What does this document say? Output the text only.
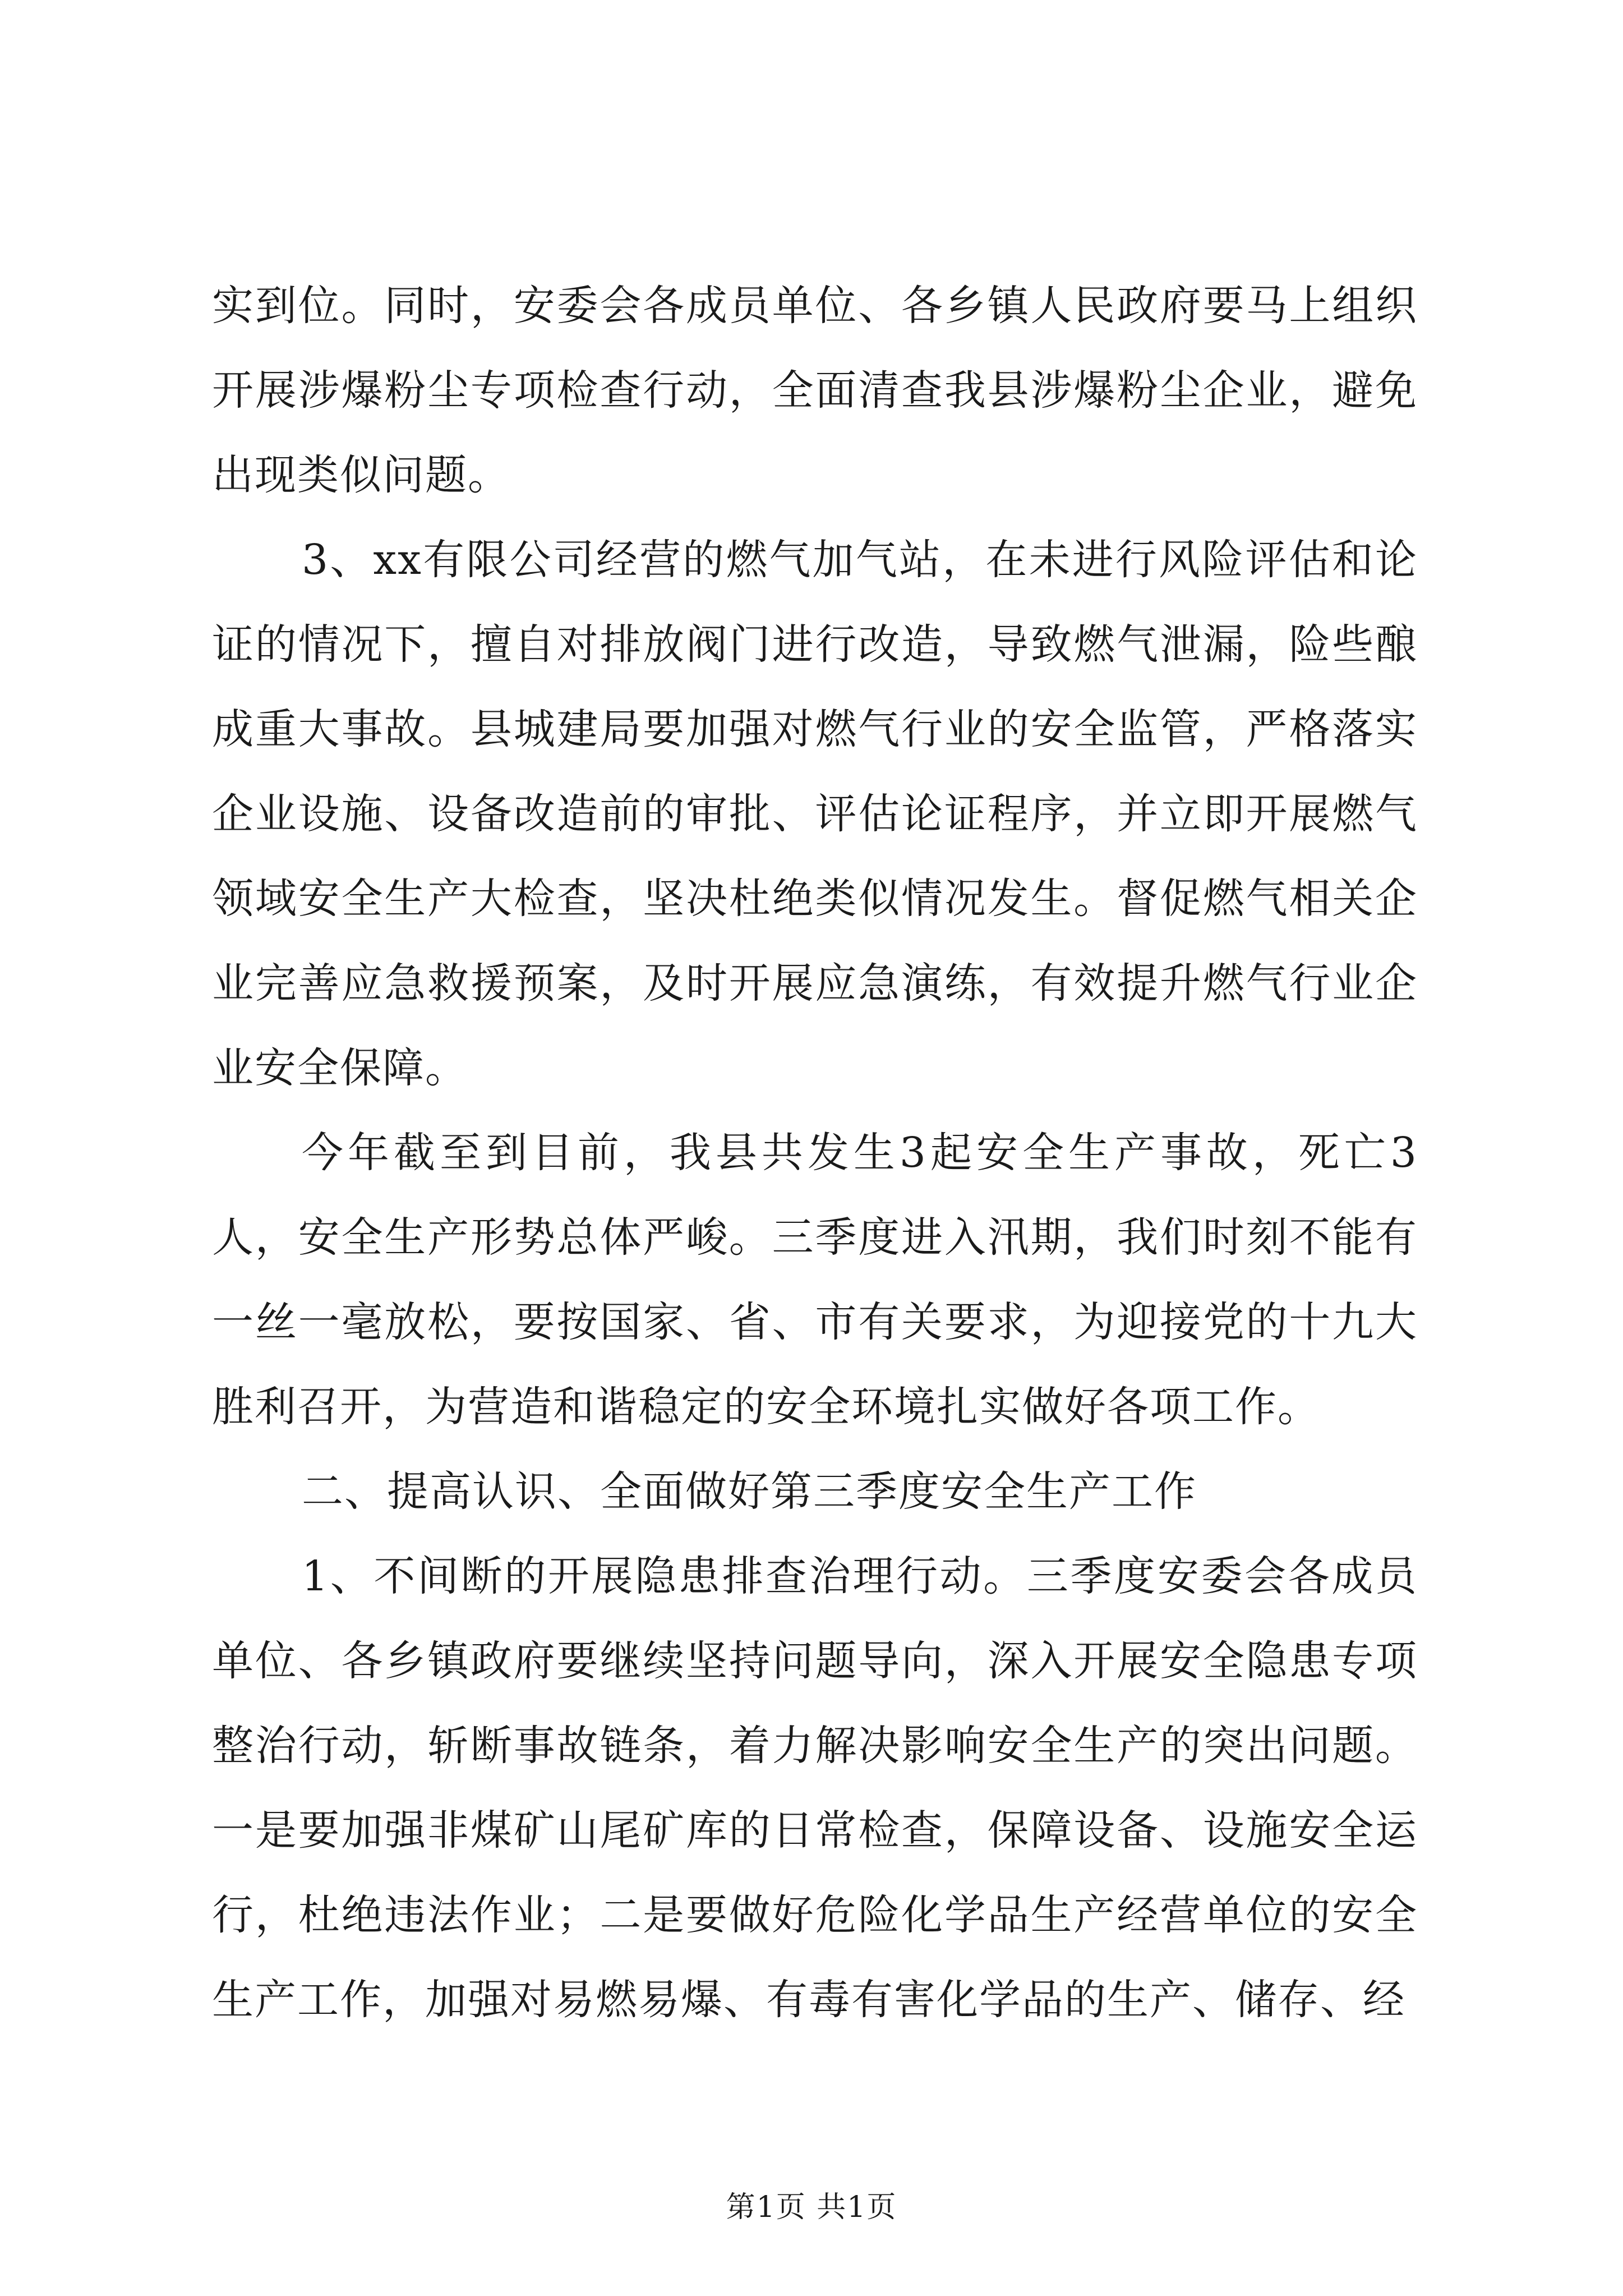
实到位。同时，安委会各成员单位、各乡镇人民政府要马上组织开展涉爆粉尘专项检查行动，全面清查我县涉爆粉尘企业，避免出现类似问题。

3、xx有限公司经营的燃气加气站，在未进行风险评估和论证的情况下，擅自对排放阀门进行改造，导致燃气泄漏，险些酿成重大事故。县城建局要加强对燃气行业的安全监管，严格落实企业设施、设备改造前的审批、评估论证程序，并立即开展燃气领域安全生产大检查，坚决杜绝类似情况发生。督促燃气相关企业完善应急救援预案，及时开展应急演练，有效提升燃气行业企业安全保障。

今年截至到目前，我县共发生3起安全生产事故，死亡3人，安全生产形势总体严峻。三季度进入汛期，我们时刻不能有一丝一毫放松，要按国家、省、市有关要求，为迎接党的十九大胜利召开，为营造和谐稳定的安全环境扎实做好各项工作。

二、提高认识、全面做好第三季度安全生产工作

1、不间断的开展隐患排查治理行动。三季度安委会各成员单位、各乡镇政府要继续坚持问题导向，深入开展安全隐患专项整治行动，斩断事故链条，着力解决影响安全生产的突出问题。一是要加强非煤矿山尾矿库的日常检查，保障设备、设施安全运行，杜绝违法作业；二是要做好危险化学品生产经营单位的安全生产工作，加强对易燃易爆、有毒有害化学品的生产、储存、经

第1页 共1页
